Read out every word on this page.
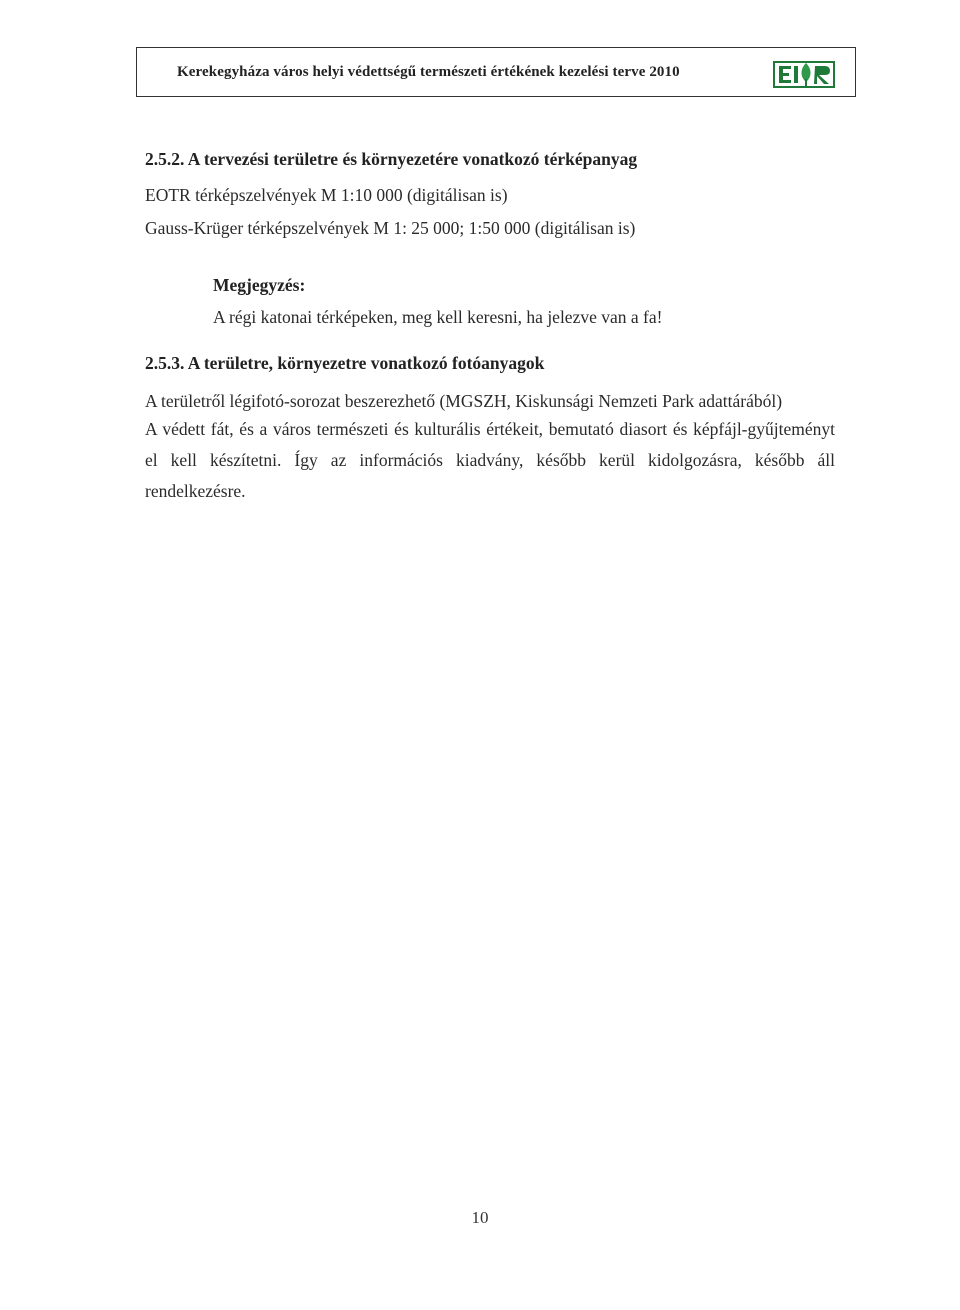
Kerekegyháza város helyi védettségű természeti értékének kezelési terve 2010
2.5.2. A tervezési területre és környezetére vonatkozó térképanyag
EOTR térképszelvények M 1:10 000 (digitálisan is)
Gauss-Krüger térképszelvények M 1: 25 000; 1:50 000 (digitálisan is)
Megjegyzés:
A régi katonai térképeken, meg kell keresni, ha jelezve van a fa!
2.5.3. A területre, környezetre vonatkozó fotóanyagok
A területről légifotó-sorozat beszerezhető (MGSZH, Kiskunsági Nemzeti Park adattárából)
A védett fát, és a város természeti és kulturális értékeit, bemutató diasort és képfájl-gyűjteményt el kell készítetni. Így az információs kiadvány, később kerül kidolgozásra, később áll rendelkezésre.
10
